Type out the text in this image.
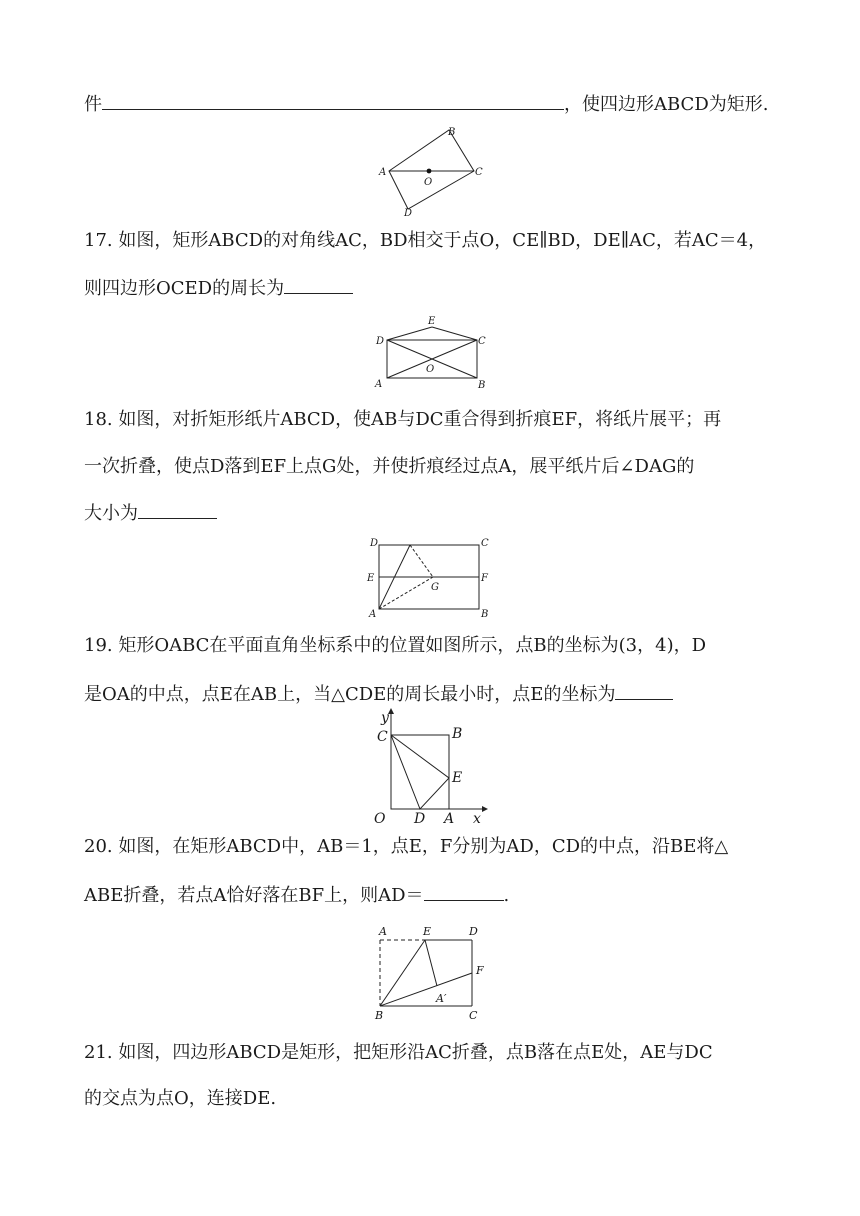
件	，使四边形ABCD为矩形.
A
B
C
D
O
17. 如图，矩形ABCD的对角线AC，BD相交于点O，CE∥BD，DE∥AC，若AC＝4，
则四边形OCED的周长为
A	B
C
D
E
O
18. 如图，对折矩形纸片ABCD，使AB与DC重合得到折痕EF，将纸片展平；再
一次折叠，使点D落到EF上点G处，并使折痕经过点A，展平纸片后∠DAG的
大小为
A	B
C
D
E	F
G
19. 矩形OABC在平面直角坐标系中的位置如图所示，点B的坐标为(3，4)，D
是OA的中点，点E在AB上，当△CDE的周长最小时，点E的坐标为
y
x
O	A
B
C
D
E
20. 如图，在矩形ABCD中，AB＝1，点E，F分别为AD，CD的中点，沿BE将△
ABE折叠，若点A恰好落在BF上，则AD＝	.
A
B	C
D
E
F
A′
21. 如图，四边形ABCD是矩形，把矩形沿AC折叠，点B落在点E处，AE与DC
的交点为点O，连接DE.
